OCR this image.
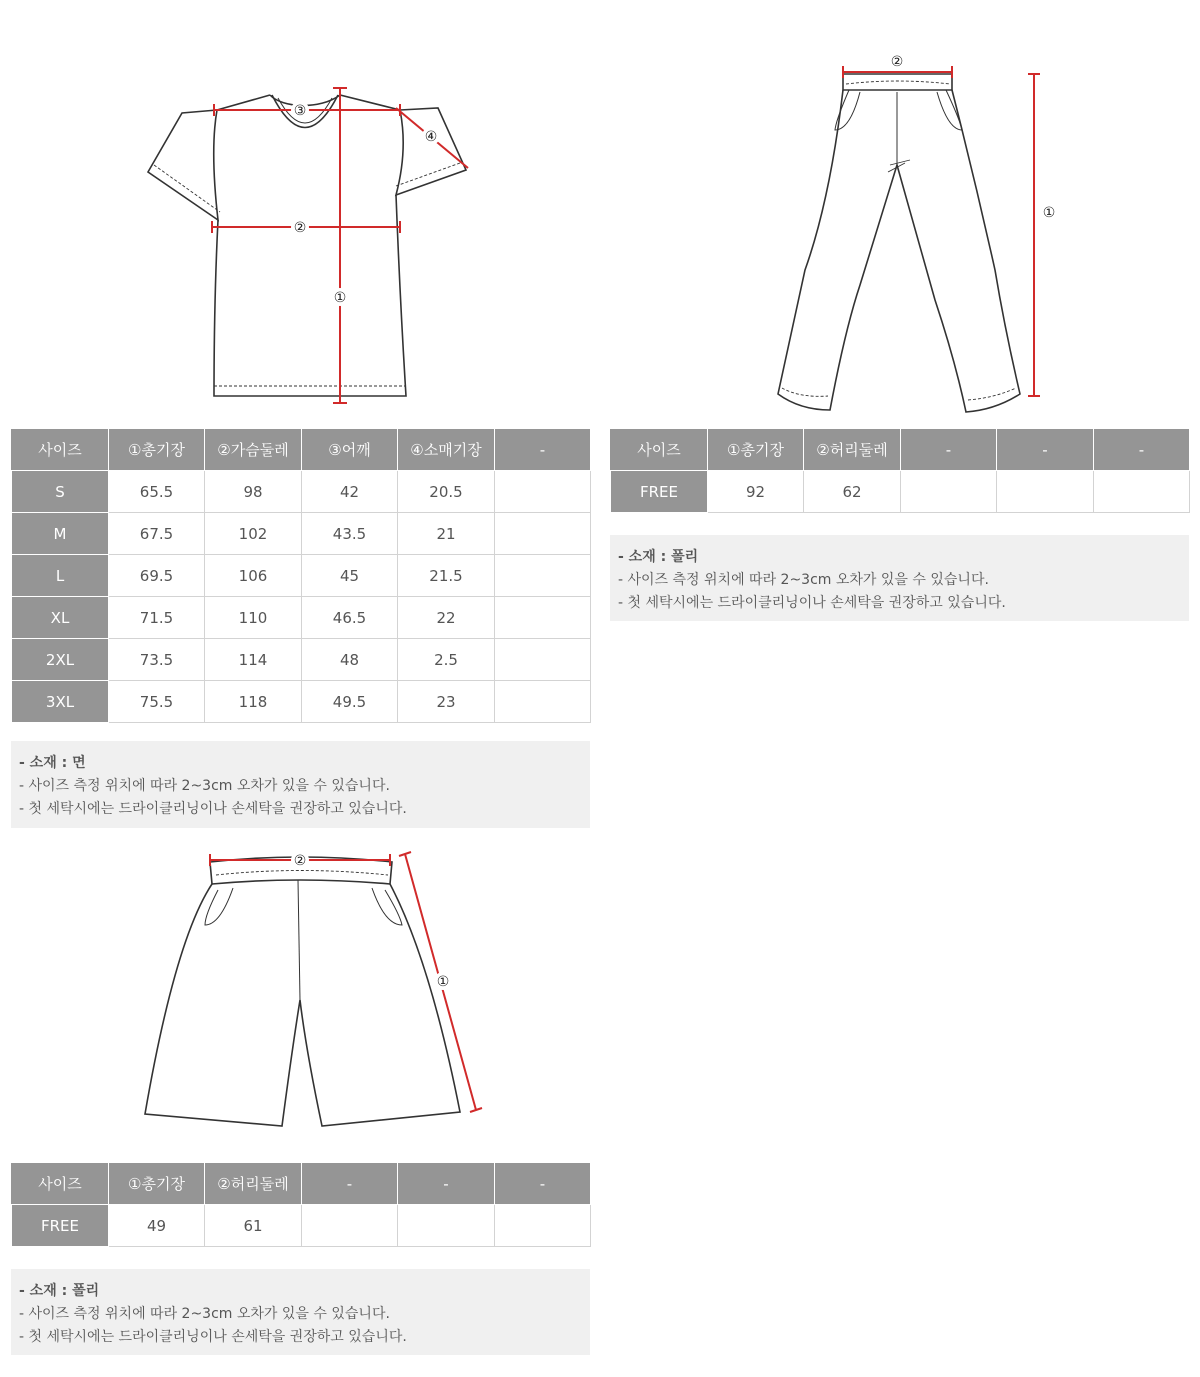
③
②
①
④
②
①
사이즈	①총기장	②가슴둘레	③어깨	④소매기장	-
S	65.5	98	42	20.5	
M	67.5	102	43.5	21	
L	69.5	106	45	21.5	
XL	71.5	110	46.5	22	
2XL	73.5	114	48	2.5	
3XL	75.5	118	49.5	23	
사이즈	①총기장	②허리둘레	-	-	-
FREE	92	62			
- 소재 : 폴리
- 사이즈 측정 위치에 따라 2~3cm 오차가 있을 수 있습니다.
- 첫 세탁시에는 드라이클리닝이나 손세탁을 권장하고 있습니다.
- 소재 : 면
- 사이즈 측정 위치에 따라 2~3cm 오차가 있을 수 있습니다.
- 첫 세탁시에는 드라이클리닝이나 손세탁을 권장하고 있습니다.
②
①
사이즈	①총기장	②허리둘레	-	-	-
FREE	49	61			
- 소재 : 폴리
- 사이즈 측정 위치에 따라 2~3cm 오차가 있을 수 있습니다.
- 첫 세탁시에는 드라이클리닝이나 손세탁을 권장하고 있습니다.
